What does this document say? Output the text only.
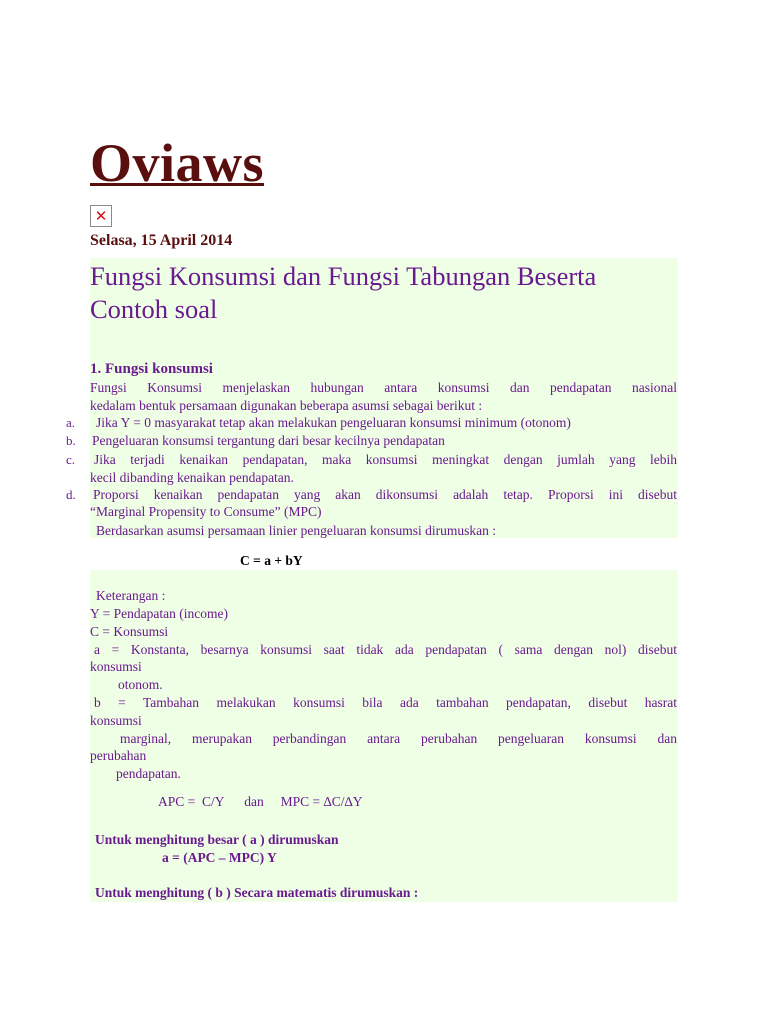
Oviaws
✕
Selasa, 15 April 2014
Fungsi Konsumsi dan Fungsi Tabungan Beserta
Contoh soal
1. Fungsi konsumsi
Fungsi Konsumsi menjelaskan hubungan antara konsumsi dan pendapatan nasional
kedalam bentuk persamaan digunakan beberapa asumsi sebagai berikut :
a. Jika Y = 0 masyarakat tetap akan melakukan pengeluaran konsumsi minimum (otonom)
b. Pengeluaran konsumsi tergantung dari besar kecilnya pendapatan
c. Jika terjadi kenaikan pendapatan, maka konsumsi meningkat dengan jumlah yang lebih
kecil dibanding kenaikan pendapatan.
d. Proporsi kenaikan pendapatan yang akan dikonsumsi adalah tetap. Proporsi ini disebut
“Marginal Propensity to Consume” (MPC)
Berdasarkan asumsi persamaan linier pengeluaran konsumsi dirumuskan :
C = a + bY
Keterangan :
Y = Pendapatan (income)
C = Konsumsi
a = Konstanta, besarnya konsumsi saat tidak ada pendapatan ( sama dengan nol) disebut
konsumsi
otonom.
b = Tambahan melakukan konsumsi bila ada tambahan pendapatan, disebut hasrat
konsumsi
marginal, merupakan perbandingan antara perubahan pengeluaran konsumsi dan
perubahan
pendapatan.
APC =  C/Y      dan     MPC = ∆C/∆Y
Untuk menghitung besar ( a ) dirumuskan
a = (APC – MPC) Y
Untuk menghitung ( b ) Secara matematis dirumuskan :
